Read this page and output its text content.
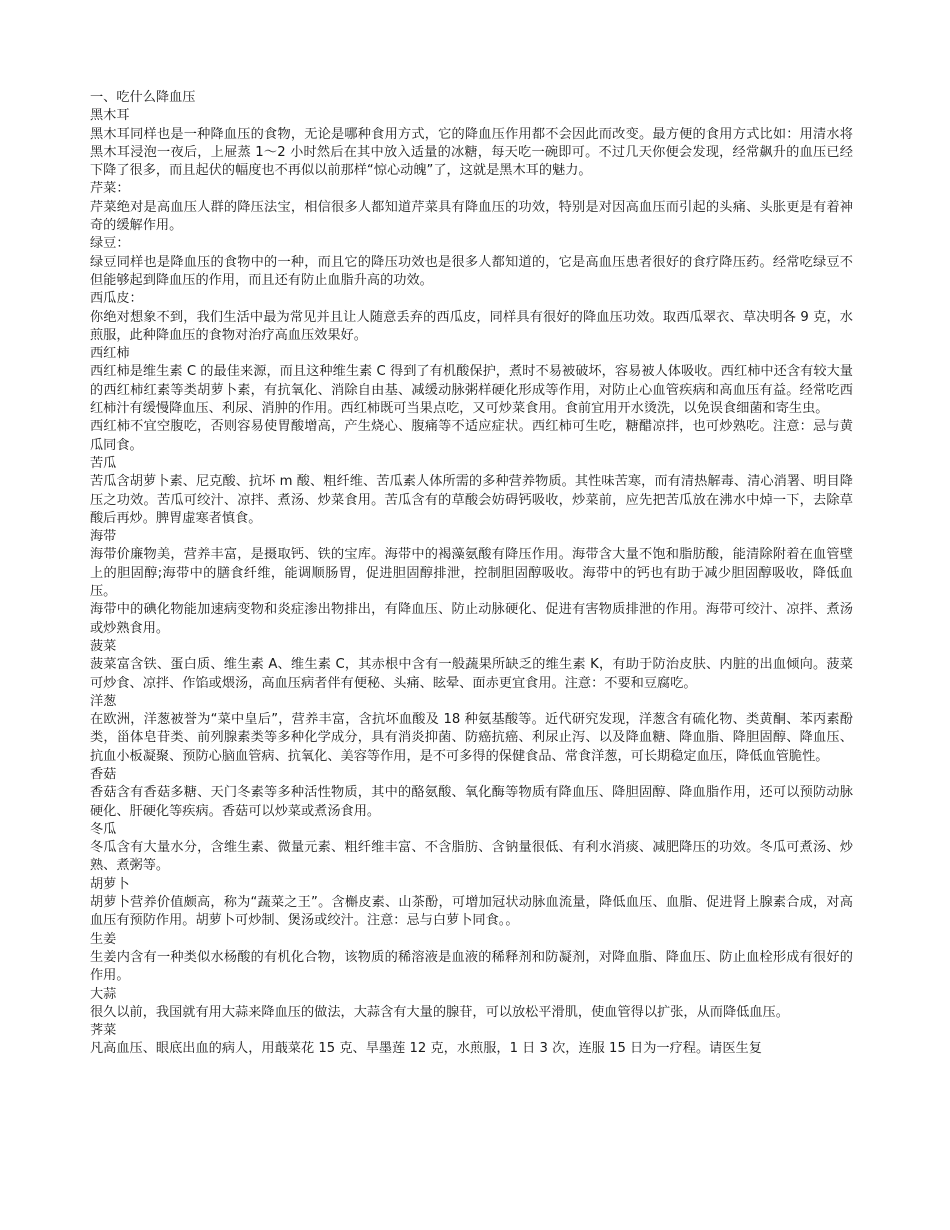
一、吃什么降血压
黑木耳

黑木耳同样也是一种降血压的食物，无论是哪种食用方式，它的降血压作用都不会因此而改变。最方便的食用方式比如：用清水将黑木耳浸泡一夜后，上屉蒸 1～2 小时然后在其中放入适量的冰糖，每天吃一碗即可。不过几天你便会发现，经常飙升的血压已经下降了很多，而且起伏的幅度也不再似以前那样“惊心动魄”了，这就是黑木耳的魅力。

芹菜：

芹菜绝对是高血压人群的降压法宝，相信很多人都知道芹菜具有降血压的功效，特别是对因高血压而引起的头痛、头胀更是有着神奇的缓解作用。

绿豆：

绿豆同样也是降血压的食物中的一种，而且它的降压功效也是很多人都知道的，它是高血压患者很好的食疗降压药。经常吃绿豆不但能够起到降血压的作用，而且还有防止血脂升高的功效。

西瓜皮：

你绝对想象不到，我们生活中最为常见并且让人随意丢弃的西瓜皮，同样具有很好的降血压功效。取西瓜翠衣、草决明各 9 克，水煎服，此种降血压的食物对治疗高血压效果好。

西红柿

西红柿是维生素 C 的最佳来源，而且这种维生素 C 得到了有机酸保护，煮时不易被破坏，容易被人体吸收。西红柿中还含有较大量的西红柿红素等类胡萝卜素，有抗氧化、消除自由基、减缓动脉粥样硬化形成等作用，对防止心血管疾病和高血压有益。经常吃西红柿汁有缓慢降血压、利尿、消肿的作用。西红柿既可当果点吃，又可炒菜食用。食前宜用开水烫洗，以免误食细菌和寄生虫。

西红柿不宜空腹吃，否则容易使胃酸增高，产生烧心、腹痛等不适应症状。西红柿可生吃，糖醋凉拌，也可炒熟吃。注意：忌与黄瓜同食。

苦瓜

苦瓜含胡萝卜素、尼克酸、抗坏 m 酸、粗纤维、苦瓜素人体所需的多种营养物质。其性味苦寒，而有清热解毒、清心消署、明目降压之功效。苦瓜可绞汁、凉拌、煮汤、炒菜食用。苦瓜含有的草酸会妨碍钙吸收，炒菜前，应先把苦瓜放在沸水中焯一下，去除草酸后再炒。脾胃虚寒者慎食。

海带

海带价廉物美，营养丰富，是摄取钙、铁的宝库。海带中的褐藻氨酸有降压作用。海带含大量不饱和脂肪酸，能清除附着在血管壁上的胆固醇;海带中的膳食纤维，能调顺肠胃，促进胆固醇排泄，控制胆固醇吸收。海带中的钙也有助于减少胆固醇吸收，降低血压。

海带中的碘化物能加速病变物和炎症渗出物排出，有降血压、防止动脉硬化、促进有害物质排泄的作用。海带可绞汁、凉拌、煮汤或炒熟食用。

菠菜

菠菜富含铁、蛋白质、维生素 A、维生素 C，其赤根中含有一般蔬果所缺乏的维生素 K，有助于防治皮肤、内脏的出血倾向。菠菜可炒食、凉拌、作馅或煨汤，高血压病者伴有便秘、头痛、眩晕、面赤更宜食用。注意：不要和豆腐吃。

洋葱

在欧洲，洋葱被誉为“菜中皇后”，营养丰富，含抗坏血酸及 18 种氨基酸等。近代研究发现，洋葱含有硫化物、类黄酮、苯丙素酚类，甾体皂苷类、前列腺素类等多种化学成分，具有消炎抑菌、防癌抗癌、利尿止泻、以及降血糖、降血脂、降胆固醇、降血压、抗血小板凝聚、预防心脑血管病、抗氧化、美容等作用，是不可多得的保健食品、常食洋葱，可长期稳定血压，降低血管脆性。

香菇

香菇含有香菇多糖、天门冬素等多种活性物质，其中的酪氨酸、氧化酶等物质有降血压、降胆固醇、降血脂作用，还可以预防动脉硬化、肝硬化等疾病。香菇可以炒菜或煮汤食用。

冬瓜

冬瓜含有大量水分，含维生素、微量元素、粗纤维丰富、不含脂肪、含钠量很低、有利水消痰、减肥降压的功效。冬瓜可煮汤、炒熟、煮粥等。

胡萝卜

胡萝卜营养价值颇高，称为“蔬菜之王”。含槲皮素、山茶酚，可增加冠状动脉血流量，降低血压、血脂、促进肾上腺素合成，对高血压有预防作用。胡萝卜可炒制、煲汤或绞汁。注意：忌与白萝卜同食。。

生姜

生姜内含有一种类似水杨酸的有机化合物，该物质的稀溶液是血液的稀释剂和防凝剂，对降血脂、降血压、防止血栓形成有很好的作用。

大蒜

很久以前，我国就有用大蒜来降血压的做法，大蒜含有大量的腺苷，可以放松平滑肌，使血管得以扩张，从而降低血压。

荠菜

凡高血压、眼底出血的病人，用蕺菜花 15 克、旱墨莲 12 克，水煎服，1 日 3 次，连服 15 日为一疗程。请医生复
